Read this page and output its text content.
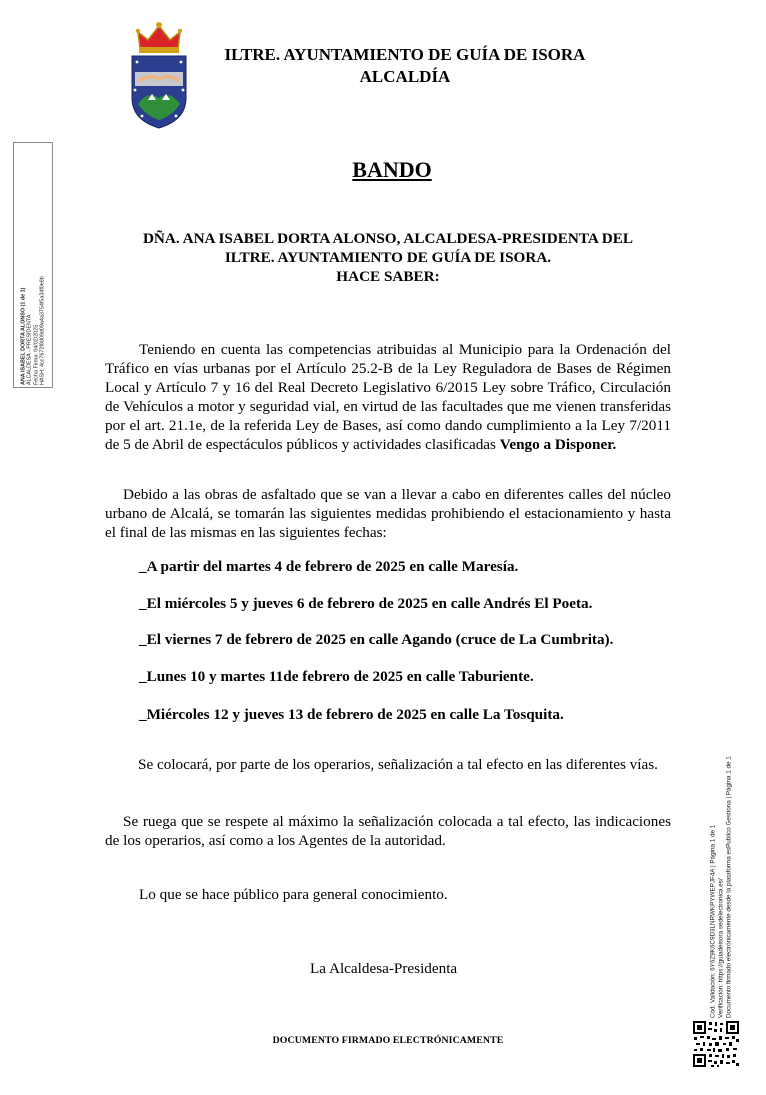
ILTRE. AYUNTAMIENTO DE GUÍA DE ISORA
ALCALDÍA
ANA ISABEL DORTA ALONSO (1 de 1) ALCALDESA - PRESIDENTA Fecha Firma: 04/02/2025 HASH: 4cc7672f8d09d09a4a3754f5a34f0e8b
BANDO
DÑA. ANA ISABEL DORTA ALONSO, ALCALDESA-PRESIDENTA DEL
ILTRE. AYUNTAMIENTO DE GUÍA DE ISORA.
HACE SABER:
Teniendo en cuenta las competencias atribuidas al Municipio para la Ordenación del Tráfico en vías urbanas por el Artículo 25.2-B de la Ley Reguladora de Bases de Régimen Local y Artículo 7 y 16 del Real Decreto Legislativo 6/2015 Ley sobre Tráfico, Circulación de Vehículos a motor y seguridad vial, en virtud de las facultades que me vienen transferidas por el art. 21.1e, de la referida Ley de Bases, así como dando cumplimiento a la Ley 7/2011 de 5 de Abril de espectáculos públicos y actividades clasificadas Vengo a Disponer.
Debido a las obras de asfaltado que se van a llevar a cabo en diferentes calles del núcleo urbano de Alcalá, se tomarán las siguientes medidas prohibiendo el estacionamiento y hasta el final de las mismas en las siguientes fechas:
_A partir del martes 4 de febrero de 2025 en calle Maresía.
_El miércoles 5 y jueves 6 de febrero de 2025 en calle Andrés El Poeta.
_El viernes 7 de febrero de 2025 en calle Agando (cruce de La Cumbrita).
_Lunes 10 y martes 11de febrero de 2025 en calle Taburiente.
_Miércoles 12 y jueves 13 de febrero de 2025 en calle La Tosquita.
Se colocará, por parte de los operarios, señalización a tal efecto en las diferentes vías.
Se ruega que se respete al máximo la señalización colocada a tal efecto, las indicaciones de los operarios, así como a los Agentes de la autoridad.
Lo que se hace público para general conocimiento.
La Alcaldesa-Presidenta
DOCUMENTO FIRMADO ELECTRÓNICAMENTE
Cód. Validación: 6Y6Z9K6C9D3LNRWKPYWEPJF4A | Página 1 de 1 Verificación: https://guiadeisora.sedelectronica.es/ Documento firmado electrónicamente desde la plataforma esPublico Gestiona | Página 1 de 1
